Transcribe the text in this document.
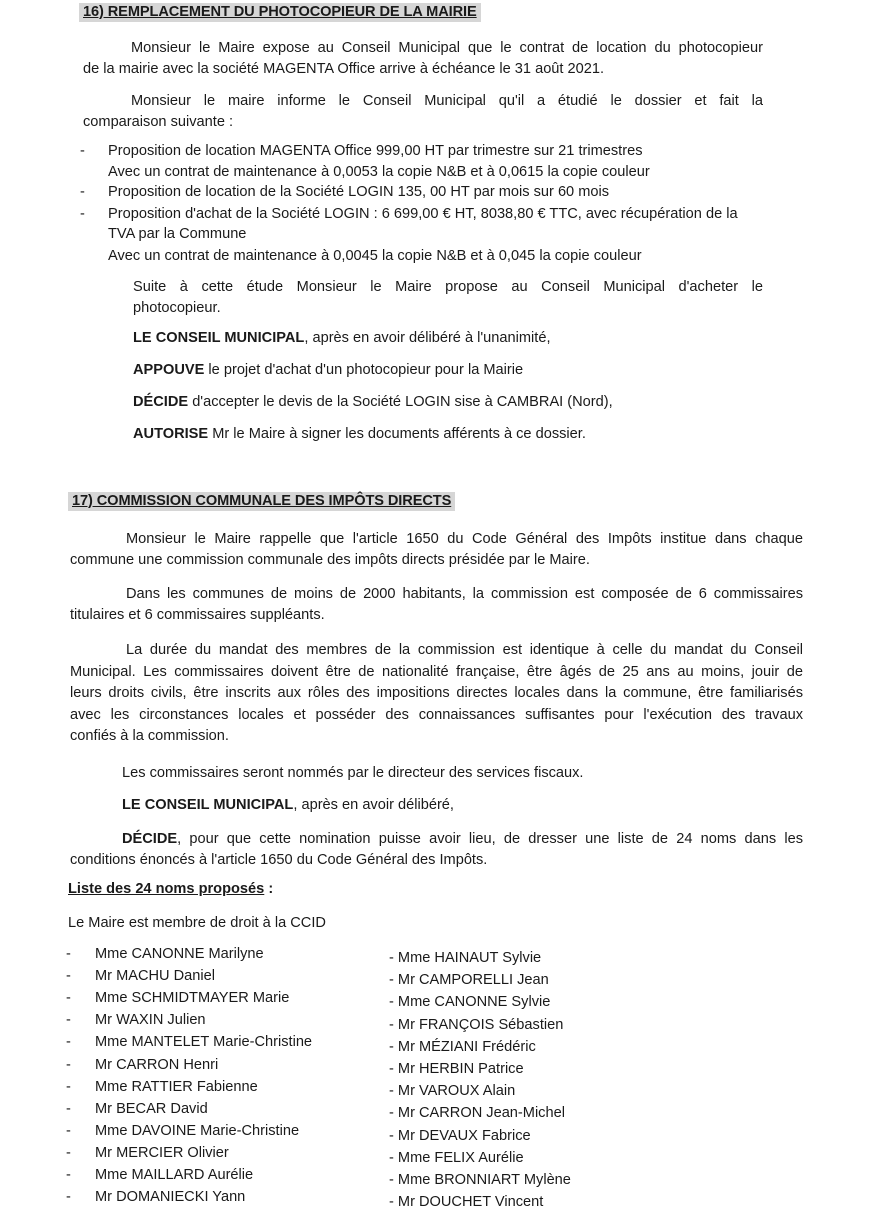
16) REMPLACEMENT DU PHOTOCOPIEUR DE LA MAIRIE
Monsieur le Maire expose au Conseil Municipal que le contrat de location du photocopieur
de la mairie avec la société MAGENTA Office arrive à échéance le 31 août 2021.
Monsieur le maire informe le Conseil Municipal qu'il a étudié le dossier et fait la
comparaison suivante :
- Proposition de location MAGENTA Office 999,00 HT par trimestre sur 21 trimestres
Avec un contrat de maintenance à 0,0053 la copie N&B et à 0,0615 la copie couleur
- Proposition de location de la Société LOGIN 135, 00 HT par mois sur 60 mois
- Proposition d'achat de la Société LOGIN : 6 699,00 € HT, 8038,80 € TTC, avec récupération de la
TVA par la Commune
Avec un contrat de maintenance à 0,0045 la copie N&B et à 0,045 la copie couleur
Suite à cette étude Monsieur le Maire propose au Conseil Municipal d'acheter le
photocopieur.
LE CONSEIL MUNICIPAL, après en avoir délibéré à l'unanimité,
APPOUVE le projet d'achat d'un photocopieur pour la Mairie
DÉCIDE d'accepter le devis de la Société LOGIN sise à CAMBRAI (Nord),
AUTORISE Mr le Maire à signer les documents afférents à ce dossier.
17) COMMISSION COMMUNALE DES IMPÔTS DIRECTS
Monsieur le Maire rappelle que l'article 1650 du Code Général des Impôts institue dans chaque
commune une commission communale des impôts directs présidée par le Maire.
Dans les communes de moins de 2000 habitants, la commission est composée de 6 commissaires
titulaires et 6 commissaires suppléants.
La durée du mandat des membres de la commission est identique à celle du mandat du Conseil
Municipal. Les commissaires doivent être de nationalité française, être âgés de 25 ans au moins, jouir de
leurs droits civils, être inscrits aux rôles des impositions directes locales dans la commune, être familiarisés
avec les circonstances locales et posséder des connaissances suffisantes pour l'exécution des travaux
confiés à la commission.
Les commissaires seront nommés par le directeur des services fiscaux.
LE CONSEIL MUNICIPAL, après en avoir délibéré,
DÉCIDE, pour que cette nomination puisse avoir lieu, de dresser une liste de 24 noms dans les
conditions énoncés à l'article 1650 du Code Général des Impôts.
Liste des 24 noms proposés :
Le Maire est membre de droit à la CCID
- Mme CANONNE Marilyne
- Mr MACHU Daniel
- Mme SCHMIDTMAYER Marie
- Mr WAXIN Julien
- Mme MANTELET Marie-Christine
- Mr CARRON Henri
- Mme RATTIER Fabienne
- Mr BECAR David
- Mme DAVOINE Marie-Christine
- Mr MERCIER Olivier
- Mme MAILLARD Aurélie
- Mr DOMANIECKI Yann
- Mme HAINAUT Sylvie
- Mr CAMPORELLI Jean
- Mme CANONNE Sylvie
- Mr FRANÇOIS Sébastien
- Mr MÉZIANI Frédéric
- Mr HERBIN Patrice
- Mr VAROUX Alain
- Mr CARRON Jean-Michel
- Mr DEVAUX Fabrice
- Mme FELIX Aurélie
- Mme BRONNIART Mylène
- Mr DOUCHET Vincent
